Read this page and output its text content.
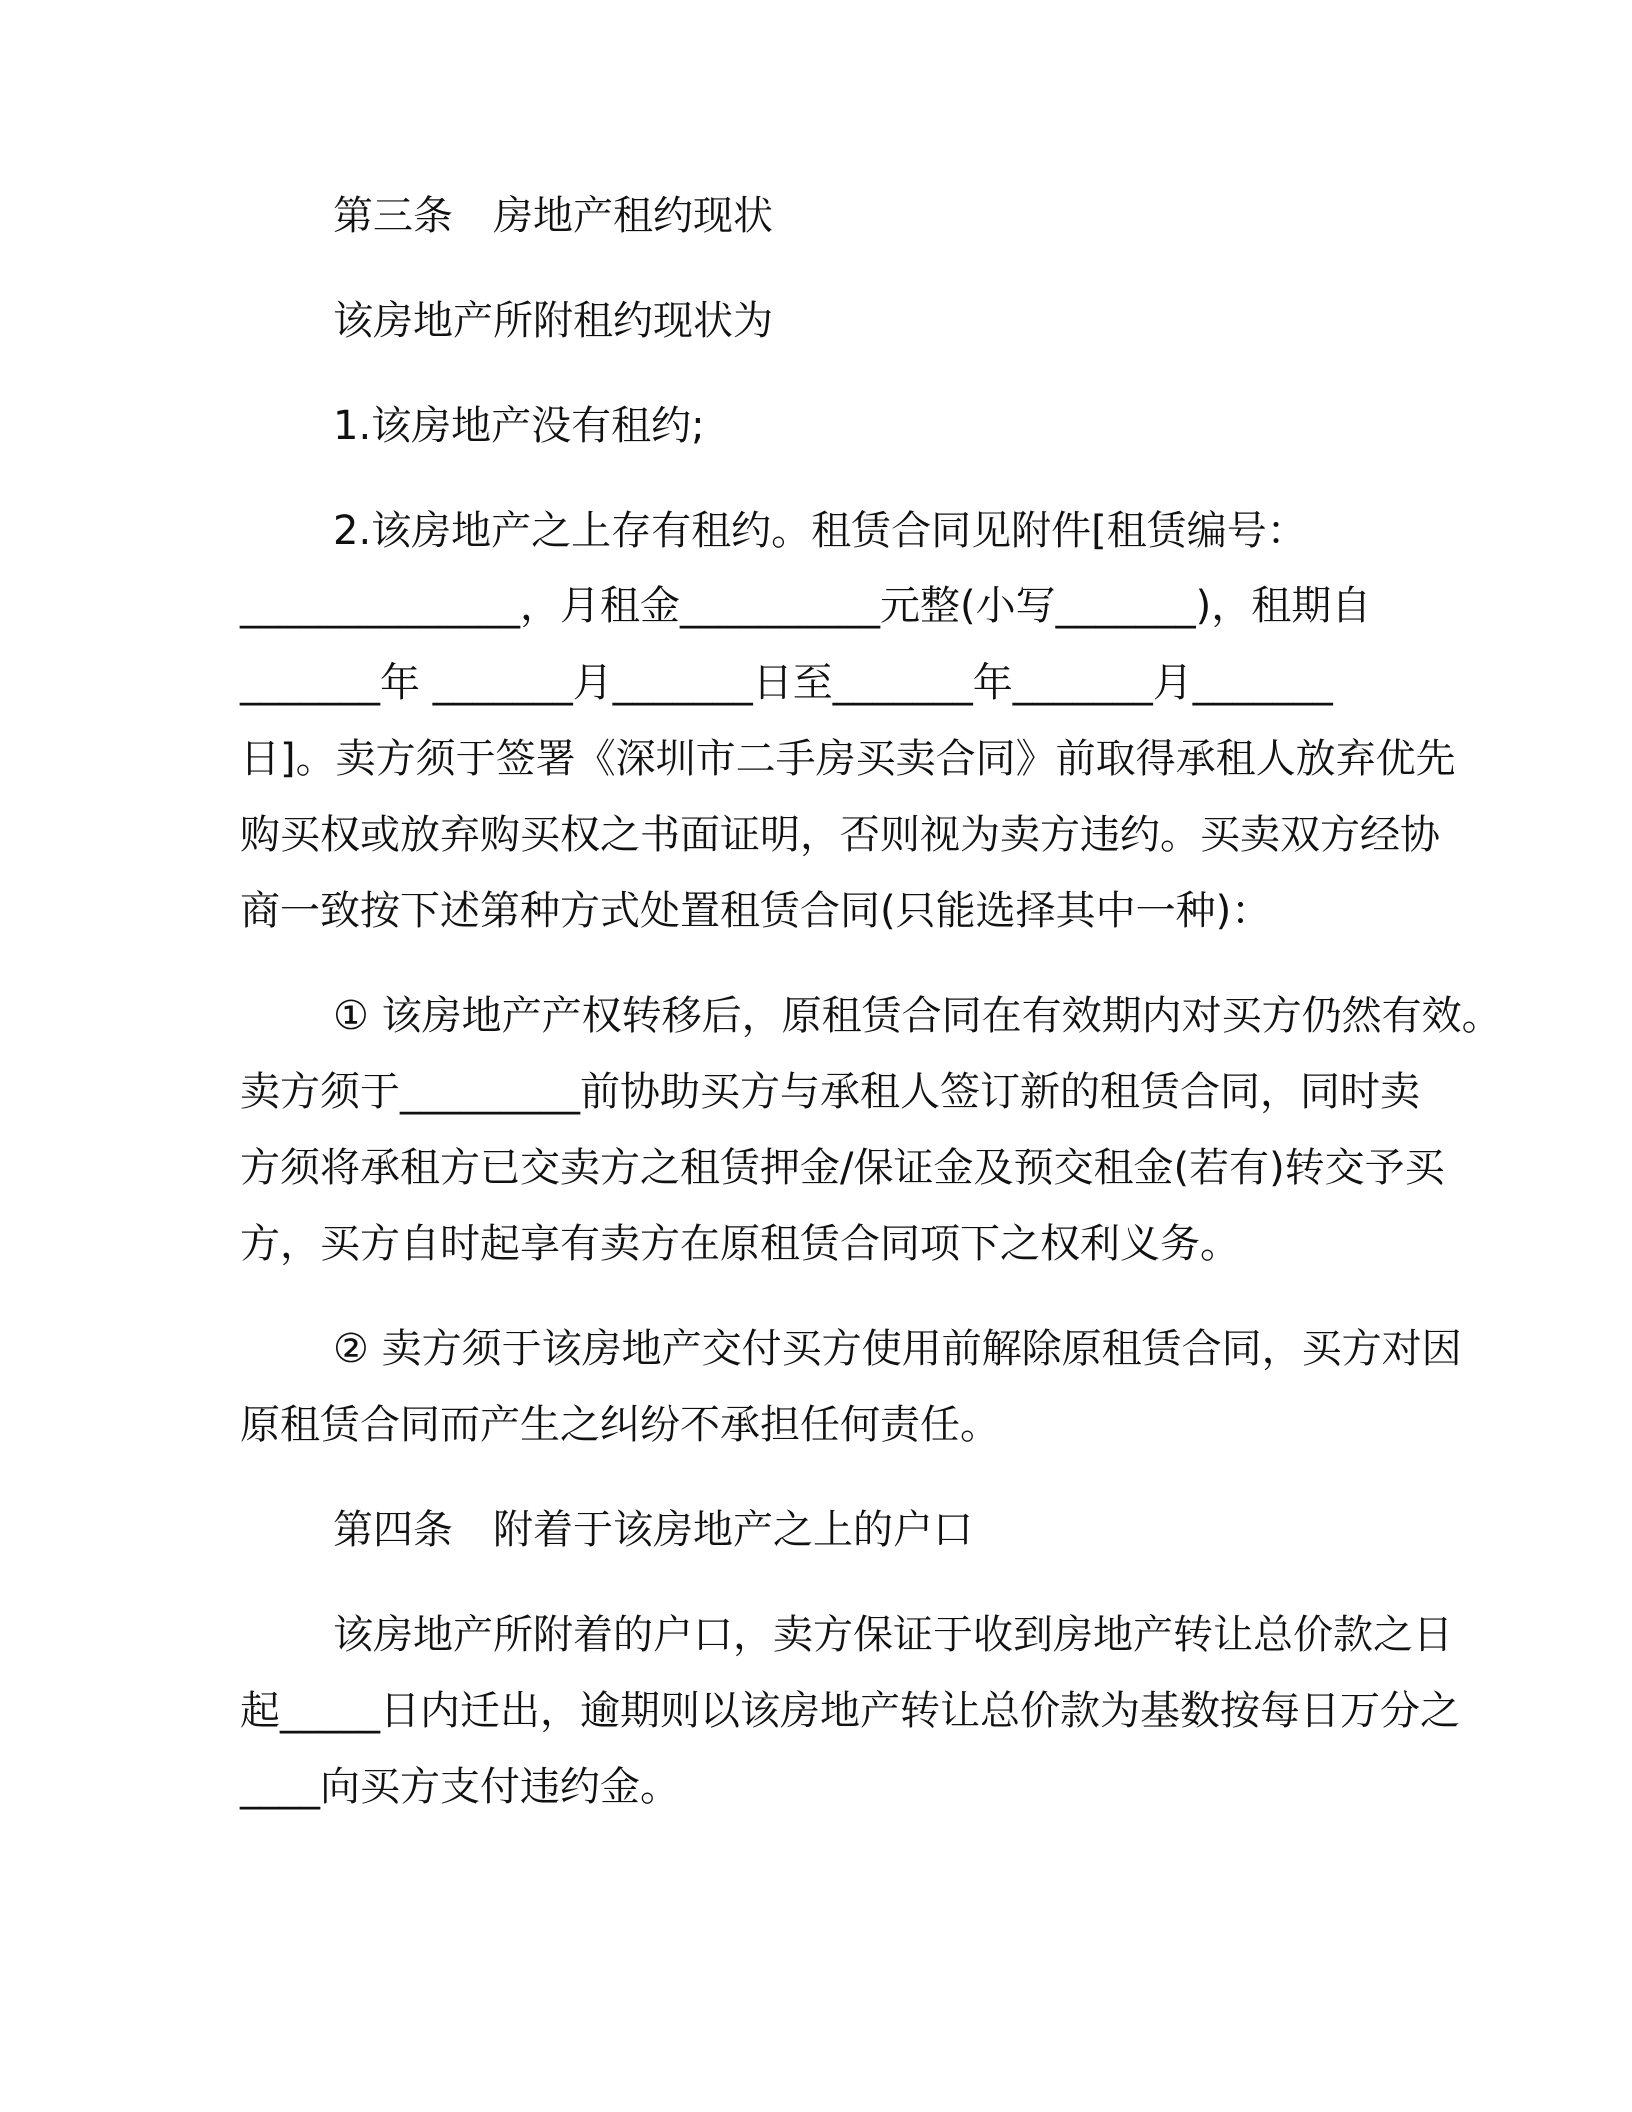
第三条　房地产租约现状
该房地产所附租约现状为
1.该房地产没有租约;
2.该房地产之上存有租约。租赁合同见附件[租赁编号：
______________，月租金__________元整(小写_______)，租期自
_______年 _______月_______日至_______年_______月_______
日]。卖方须于签署《深圳市二手房买卖合同》前取得承租人放弃优先
购买权或放弃购买权之书面证明，否则视为卖方违约。买卖双方经协
商一致按下述第种方式处置租赁合同(只能选择其中一种)：
① 该房地产产权转移后，原租赁合同在有效期内对买方仍然有效。
卖方须于_________前协助买方与承租人签订新的租赁合同，同时卖
方须将承租方已交卖方之租赁押金/保证金及预交租金(若有)转交予买
方，买方自时起享有卖方在原租赁合同项下之权利义务。
② 卖方须于该房地产交付买方使用前解除原租赁合同，买方对因
原租赁合同而产生之纠纷不承担任何责任。
第四条　附着于该房地产之上的户口
该房地产所附着的户口，卖方保证于收到房地产转让总价款之日
起_____日内迁出，逾期则以该房地产转让总价款为基数按每日万分之
____向买方支付违约金。
